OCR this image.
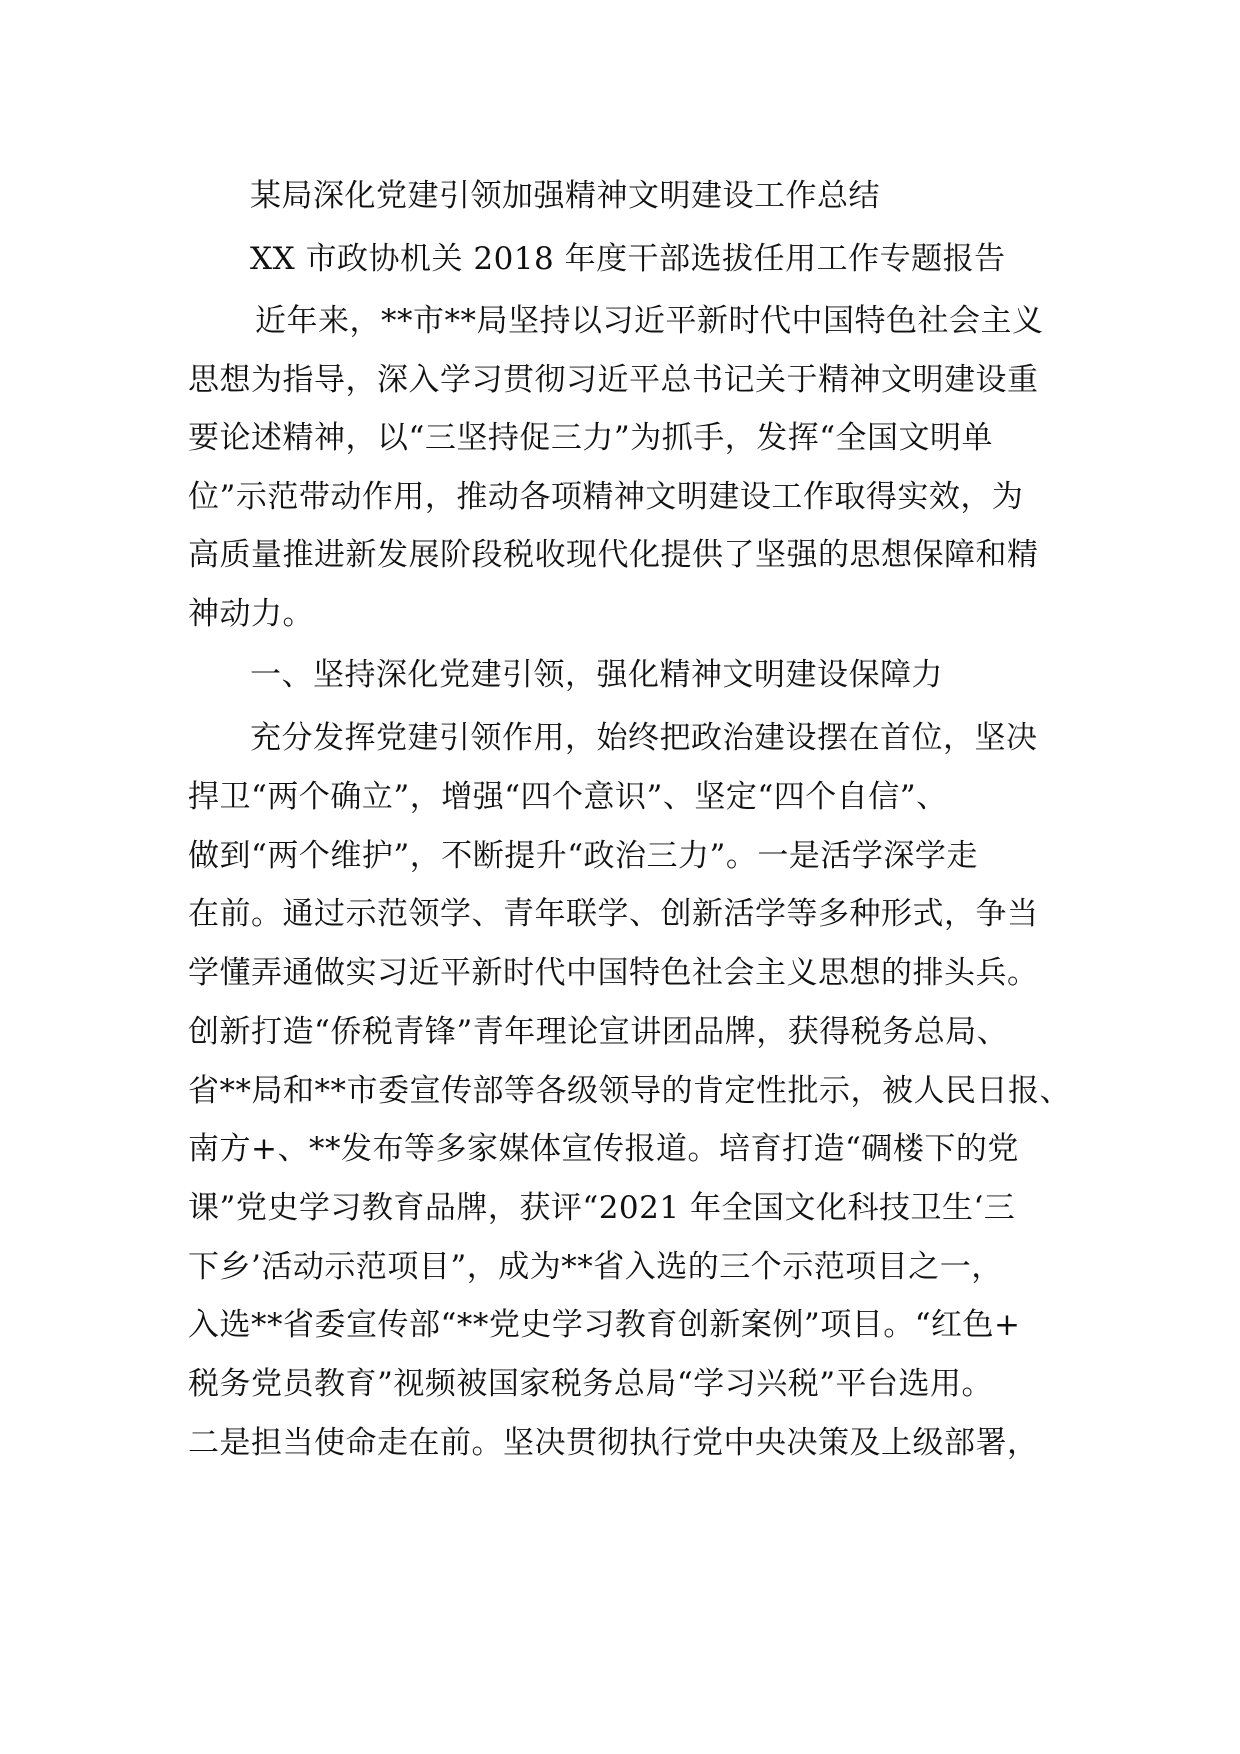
某局深化党建引领加强精神文明建设工作总结
XX 市政协机关 2018 年度干部选拔任用工作专题报告
近年来，**市**局坚持以习近平新时代中国特色社会主义
思想为指导，深入学习贯彻习近平总书记关于精神文明建设重
要论述精神，以“三坚持促三力”为抓手，发挥“全国文明单
位”示范带动作用，推动各项精神文明建设工作取得实效，为
高质量推进新发展阶段税收现代化提供了坚强的思想保障和精
神动力。
一、坚持深化党建引领，强化精神文明建设保障力
充分发挥党建引领作用，始终把政治建设摆在首位，坚决
捍卫“两个确立”，增强“四个意识”、坚定“四个自信”、
做到“两个维护”，不断提升“政治三力”。一是活学深学走
在前。通过示范领学、青年联学、创新活学等多种形式，争当
学懂弄通做实习近平新时代中国特色社会主义思想的排头兵。
创新打造“侨税青锋”青年理论宣讲团品牌，获得税务总局、
省**局和**市委宣传部等各级领导的肯定性批示，被人民日报、
南方+、**发布等多家媒体宣传报道。培育打造“碉楼下的党
课”党史学习教育品牌，获评“2021 年全国文化科技卫生‘三
下乡’活动示范项目”，成为**省入选的三个示范项目之一，
入选**省委宣传部“**党史学习教育创新案例”项目。“红色+
税务党员教育”视频被国家税务总局“学习兴税”平台选用。
二是担当使命走在前。坚决贯彻执行党中央决策及上级部署，
